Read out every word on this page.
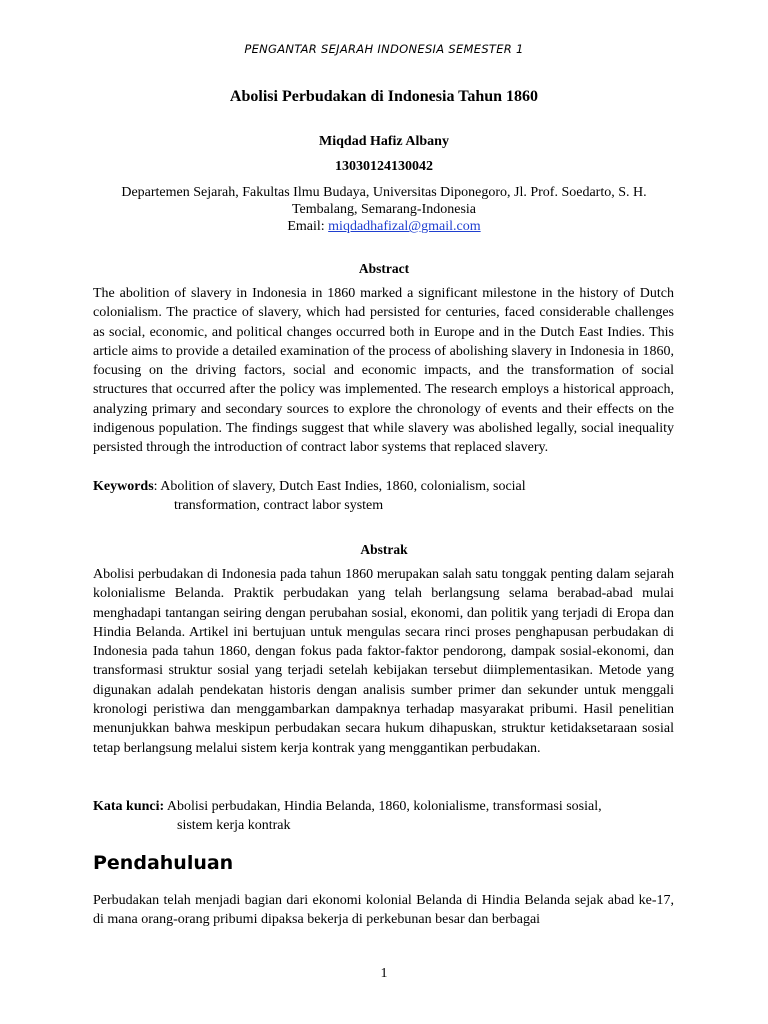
PENGANTAR SEJARAH INDONESIA SEMESTER 1
Abolisi Perbudakan di Indonesia Tahun 1860
Miqdad Hafiz Albany
13030124130042
Departemen Sejarah, Fakultas Ilmu Budaya, Universitas Diponegoro, Jl. Prof. Soedarto, S. H. Tembalang, Semarang-Indonesia
Email: miqdadhafizal@gmail.com
Abstract

The abolition of slavery in Indonesia in 1860 marked a significant milestone in the history of Dutch colonialism. The practice of slavery, which had persisted for centuries, faced considerable challenges as social, economic, and political changes occurred both in Europe and in the Dutch East Indies. This article aims to provide a detailed examination of the process of abolishing slavery in Indonesia in 1860, focusing on the driving factors, social and economic impacts, and the transformation of social structures that occurred after the policy was implemented. The research employs a historical approach, analyzing primary and secondary sources to explore the chronology of events and their effects on the indigenous population. The findings suggest that while slavery was abolished legally, social inequality persisted through the introduction of contract labor systems that replaced slavery.

Keywords: Abolition of slavery, Dutch East Indies, 1860, colonialism, social
transformation, contract labor system
Abstrak

Abolisi perbudakan di Indonesia pada tahun 1860 merupakan salah satu tonggak penting dalam sejarah kolonialisme Belanda. Praktik perbudakan yang telah berlangsung selama berabad-abad mulai menghadapi tantangan seiring dengan perubahan sosial, ekonomi, dan politik yang terjadi di Eropa dan Hindia Belanda. Artikel ini bertujuan untuk mengulas secara rinci proses penghapusan perbudakan di Indonesia pada tahun 1860, dengan fokus pada faktor-faktor pendorong, dampak sosial-ekonomi, dan transformasi struktur sosial yang terjadi setelah kebijakan tersebut diimplementasikan. Metode yang digunakan adalah pendekatan historis dengan analisis sumber primer dan sekunder untuk menggali kronologi peristiwa dan menggambarkan dampaknya terhadap masyarakat pribumi. Hasil penelitian menunjukkan bahwa meskipun perbudakan secara hukum dihapuskan, struktur ketidaksetaraan sosial tetap berlangsung melalui sistem kerja kontrak yang menggantikan perbudakan.

Kata kunci: Abolisi perbudakan, Hindia Belanda, 1860, kolonialisme, transformasi sosial,
sistem kerja kontrak
Pendahuluan

Perbudakan telah menjadi bagian dari ekonomi kolonial Belanda di Hindia Belanda sejak abad ke-17, di mana orang-orang pribumi dipaksa bekerja di perkebunan besar dan berbagai

1
